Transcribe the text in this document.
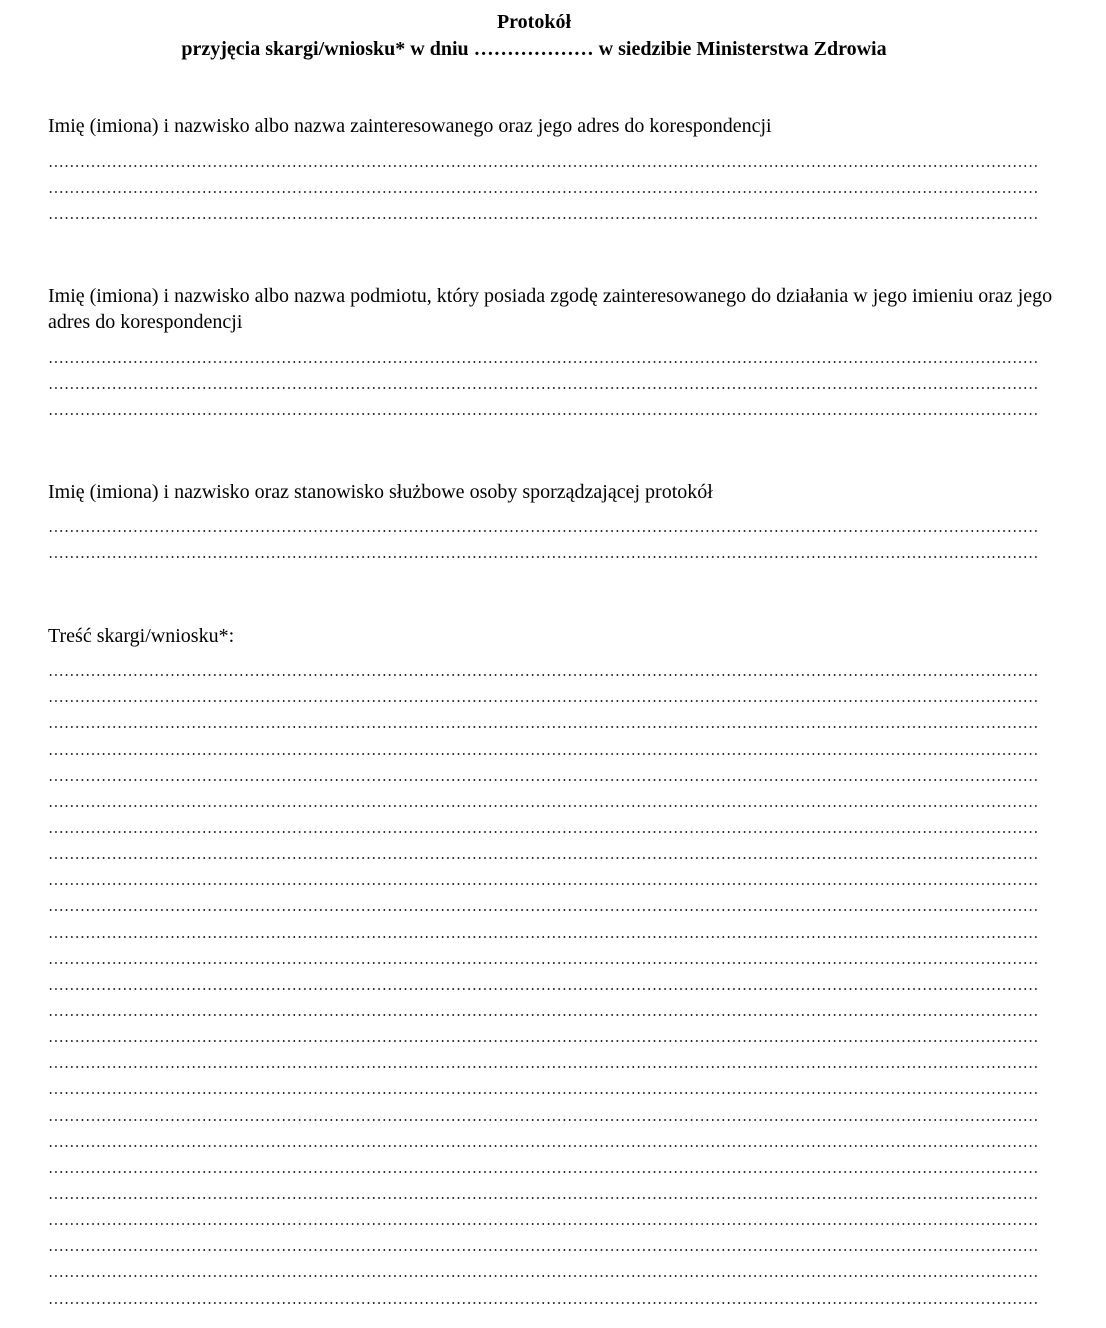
Protokół
przyjęcia skargi/wniosku* w dniu ……………… w siedzibie Ministerstwa Zdrowia

Imię (imiona) i nazwisko albo nazwa zainteresowanego oraz jego adres do korespondencji

Imię (imiona) i nazwisko albo nazwa podmiotu, który posiada zgodę zainteresowanego do działania w jego imieniu oraz jego adres do korespondencji

Imię (imiona) i nazwisko oraz stanowisko służbowe osoby sporządzającej protokół

Treść skargi/wniosku*:
